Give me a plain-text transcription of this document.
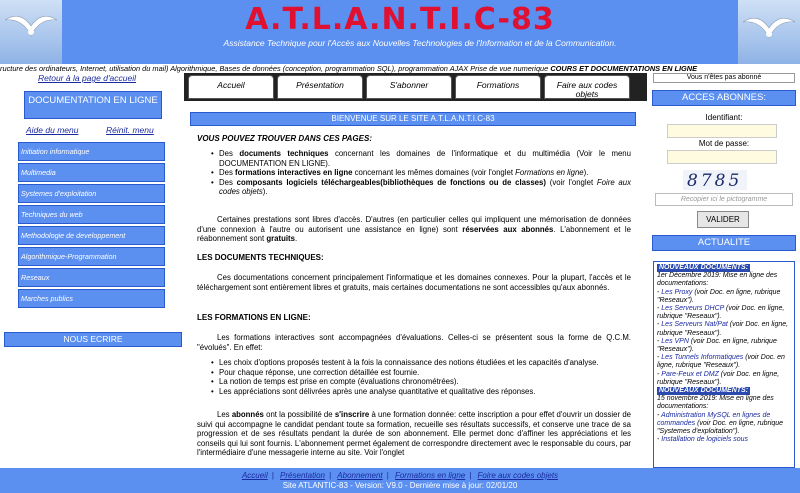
A.T.L.A.N.T.I.C-83
Assistance Technique pour l'Accès aux Nouvelles Technologies de l'Information et de la Communication.
ructure des ordinateurs, Internet, utilisation du mail) Algorithmique, Bases de données (conception, programmation SQL), programmation AJAX Prise de vue numerique COURS ET DOCUMENTATIONS EN LIGNE
Retour à la page d'accueil
DOCUMENTATION EN LIGNE
Aide du menu	Réinit. menu
Initiation informatique
Multimedia
Systemes d'exploitation
Techniques du web
Methodologie de developpement
Algorithmique-Programmation
Reseaux
Marches publics
NOUS ECRIRE
Accueil	Présentation	S'abonner	Formations	Faire aux codes objets
BIENVENUE SUR LE SITE A.T.L.A.N.T.I.C-83
VOUS POUVEZ TROUVER DANS CES PAGES:
• Des documents techniques concernant les domaines de l'informatique et du multimédia (Voir le menu DOCUMENTATION EN LIGNE).
• Des formations interactives en ligne concernant les mêmes domaines (voir l'onglet Formations en ligne).
• Des composants logiciels téléchargeables(bibliothèques de fonctions ou de classes) (voir l'onglet Foire aux codes objets).
Certaines prestations sont libres d'accès. D'autres (en particulier celles qui impliquent une mémorisation de données d'une connexion à l'autre ou autorisent une assistance en ligne) sont réservées aux abonnés. L'abonnement et le réabonnement sont gratuits.
LES DOCUMENTS TECHNIQUES:
Ces documentations concernent principalement l'informatique et les domaines connexes. Pour la plupart, l'accès et le téléchargement sont entièrement libres et gratuits, mais certaines documentations ne sont accessibles qu'aux abonnés.
LES FORMATIONS EN LIGNE:
Les formations interactives sont accompagnées d'évaluations. Celles-ci se présentent sous la forme de Q.C.M. "évolués". En effet:
• Les choix d'options proposés testent à la fois la connaissance des notions étudiées et les capacités d'analyse.
• Pour chaque réponse, une correction détaillée est fournie.
• La notion de temps est prise en compte (évaluations chronométrées).
• Les appréciations sont délivrées après une analyse quantitative et qualitative des réponses.
Les abonnés ont la possibilité de s'inscrire à une formation donnée: cette inscription a pour effet d'ouvrir un dossier de suivi qui accompagne le candidat pendant toute sa formation, recueille ses résultats successifs, et conserve une trace de sa progression et de ses résultats pendant la durée de son abonnement. Elle permet donc d'affiner les appréciations et les conseils qui lui sont fournis. L'abonnement permet également de correspondre directement avec le responsable du cours, par l'intermédiaire d'une messagerie interne au site. Voir l'onglet
Vous n'êtes pas abonné
ACCES ABONNES:
Identifiant:
Mot de passe:
8785
Recopier ici le pictogramme
VALIDER
ACTUALITE
NOUVEAUX DOCUMENTS:
1er Décembre 2019: Mise en ligne des documentations:

- Les Proxy (voir Doc. en ligne, rubrique "Reseaux").
- Les Serveurs DHCP (voir Doc. en ligne, rubrique "Reseaux").
- Les Serveurs Nat/Pat (voir Doc. en ligne, rubrique "Reseaux").
- Les VPN (voir Doc. en ligne, rubrique "Reseaux").
- Les Tunnels Informatiques (voir Doc. en ligne, rubrique "Reseaux").
- Pare-Feux et DMZ (voir Doc. en ligne, rubrique "Reseaux").
NOUVEAUX DOCUMENTS:
15 novembre 2019: Mise en ligne des documentations:

- Administration MySQL en lignes de commandes (voir Doc. en ligne, rubrique "Systemes d'exploitation").
- Installation de logiciels sous
Accueil | Présentation | Abonnement | Formations en ligne | Foire aux codes objets
Site ATLANTIC-83 - Version: V9.0 - Dernière mise à jour: 02/01/20
